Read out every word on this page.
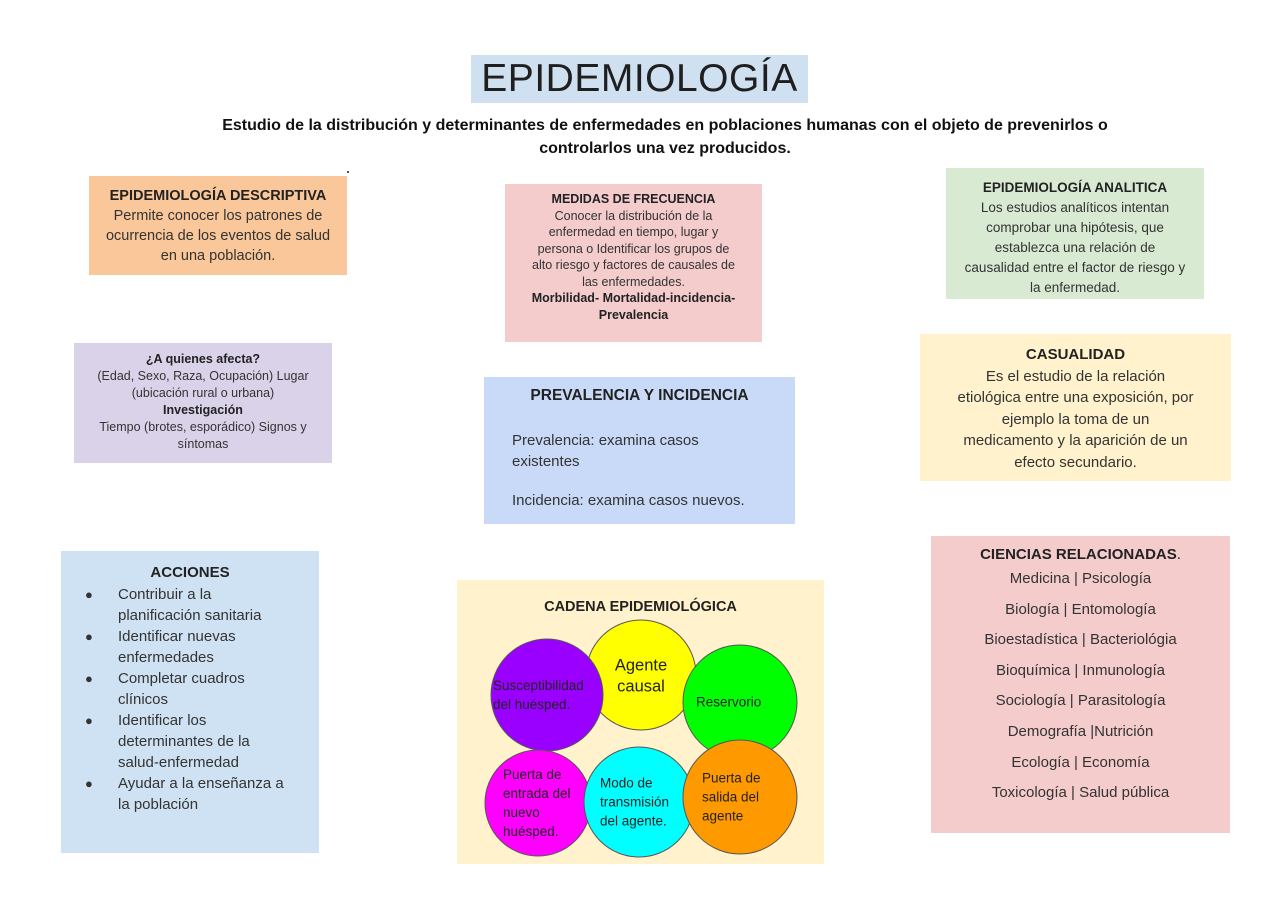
EPIDEMIOLOGÍA
Estudio de la distribución y determinantes de enfermedades en poblaciones humanas con el objeto de prevenirlos o controlarlos una vez producidos.
EPIDEMIOLOGÍA DESCRIPTIVA
Permite conocer los patrones de
ocurrencia de los eventos de salud
en una población.
MEDIDAS DE FRECUENCIA
Conocer la distribución de la
enfermedad en tiempo, lugar y
persona o Identificar los grupos de
alto riesgo y factores de causales de
las enfermedades.
Morbilidad- Mortalidad-incidencia-
Prevalencia
EPIDEMIOLOGÍA ANALITICA
Los estudios analíticos intentan
comprobar una hipótesis, que
establezca una relación de
causalidad entre el factor de riesgo y
la enfermedad.
¿A quienes afecta?
(Edad, Sexo, Raza, Ocupación) Lugar
(ubicación rural o urbana)
Investigación
Tiempo (brotes, esporádico) Signos y
síntomas
PREVALENCIA Y INCIDENCIA
Prevalencia: examina casos existentes
Incidencia: examina casos nuevos.
CASUALIDAD
Es el estudio de la relación
etiológica entre una exposición, por
ejemplo la toma de un
medicamento y la aparición de un
efecto secundario.
ACCIONES
● Contribuir a la
planificación sanitaria
● Identificar nuevas
enfermedades
● Completar cuadros
clínicos
● Identificar los
determinantes de la
salud-enfermedad
● Ayudar a la enseñanza a
la población
CADENA EPIDEMIOLÓGICA
Agente
causal
Susceptibilidad
del huésped.	Reservorio
Puerta de
entrada del
nuevo
huésped.
Modo de
transmisión
del agente.
Puerta de
salida del
agente
CIENCIAS RELACIONADAS.
Medicina | Psicología
Biología | Entomología
Bioestadística | Bacteriológia
Bioquímica | Inmunología
Sociología | Parasitología
Demografía |Nutrición
Ecología | Economía
Toxicología | Salud pública
